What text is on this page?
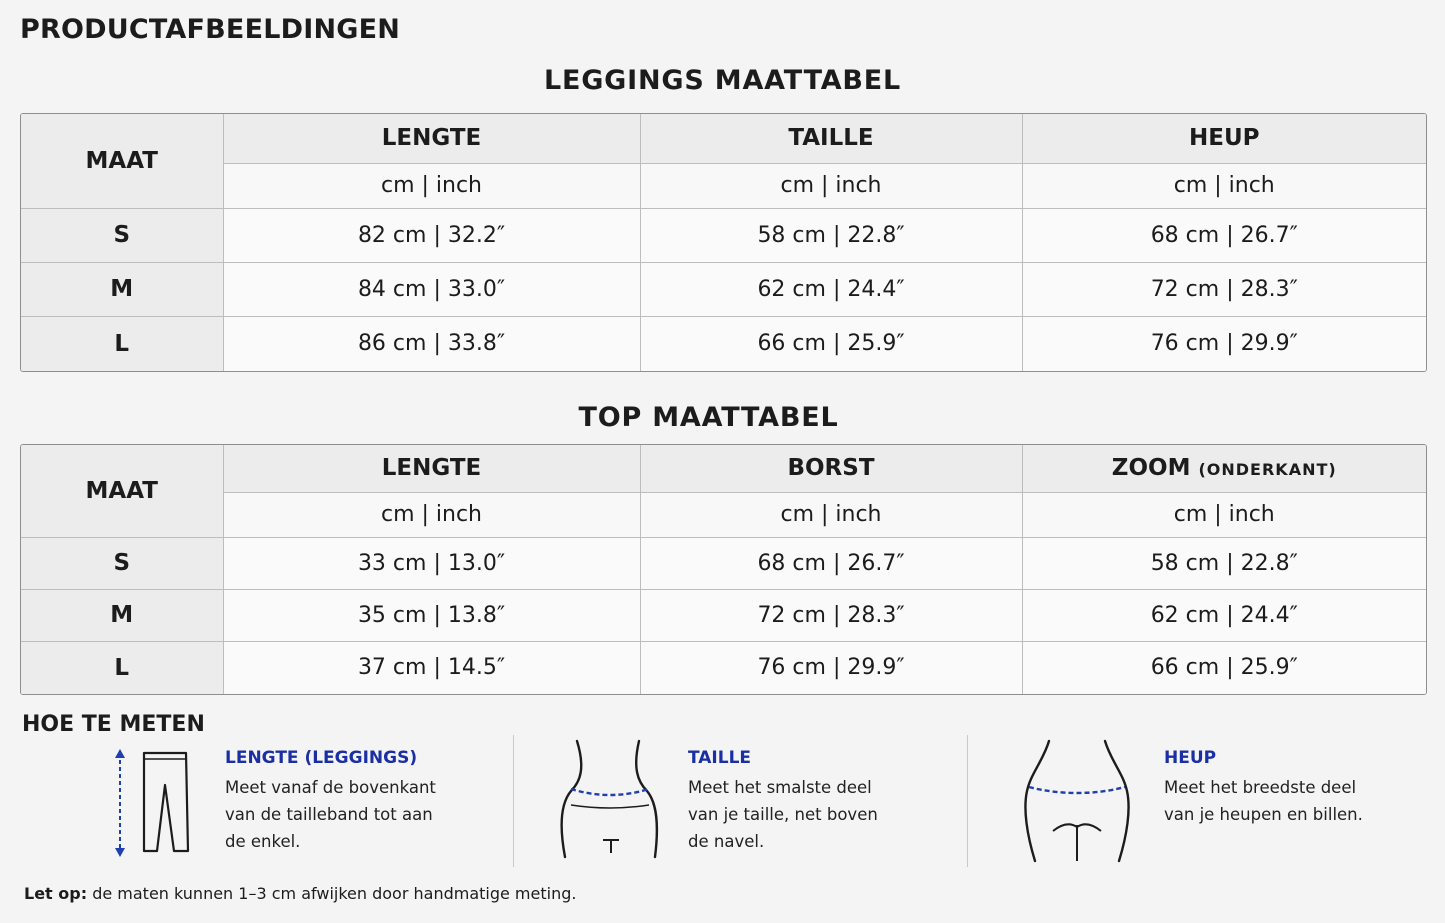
PRODUCTAFBEELDINGEN
LEGGINGS MAATTABEL
MAAT	LENGTE	TAILLE	HEUP
	cm | inch	cm | inch	cm | inch
S	82 cm | 32.2″	58 cm | 22.8″	68 cm | 26.7″
M	84 cm | 33.0″	62 cm | 24.4″	72 cm | 28.3″
L	86 cm | 33.8″	66 cm | 25.9″	76 cm | 29.9″
TOP MAATTABEL
MAAT	LENGTE	BORST	ZOOM (ONDERKANT)
	cm | inch	cm | inch	cm | inch
S	33 cm | 13.0″	68 cm | 26.7″	58 cm | 22.8″
M	35 cm | 13.8″	72 cm | 28.3″	62 cm | 24.4″
L	37 cm | 14.5″	76 cm | 29.9″	66 cm | 25.9″
HOE TE METEN
LENGTE (LEGGINGS)
Meet vanaf de bovenkant
van de tailleband tot aan
de enkel.
TAILLE
Meet het smalste deel
van je taille, net boven
de navel.
HEUP
Meet het breedste deel
van je heupen en billen.

Let op: de maten kunnen 1–3 cm afwijken door handmatige meting.
